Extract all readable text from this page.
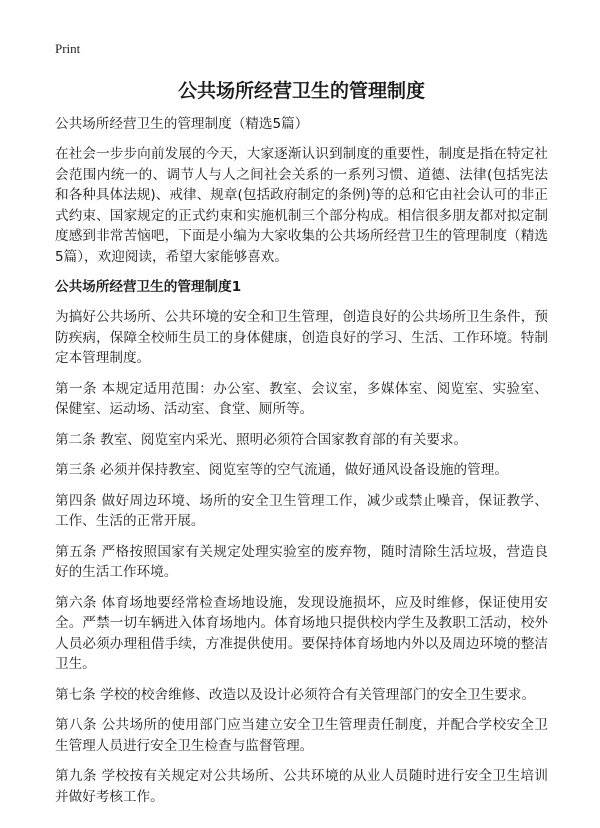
Print
公共场所经营卫生的管理制度

公共场所经营卫生的管理制度（精选5篇）

在社会一步步向前发展的今天，大家逐渐认识到制度的重要性，制度是指在特定社会范围内统一的、调节人与人之间社会关系的一系列习惯、道德、法律(包括宪法和各种具体法规)、戒律、规章(包括政府制定的条例)等的总和它由社会认可的非正式约束、国家规定的正式约束和实施机制三个部分构成。相信很多朋友都对拟定制度感到非常苦恼吧，下面是小编为大家收集的公共场所经营卫生的管理制度（精选5篇），欢迎阅读，希望大家能够喜欢。

公共场所经营卫生的管理制度1

为搞好公共场所、公共环境的安全和卫生管理，创造良好的公共场所卫生条件，预防疾病，保障全校师生员工的身体健康，创造良好的学习、生活、工作环境。特制定本管理制度。

第一条 本规定适用范围：办公室、教室、会议室，多媒体室、阅览室、实验室、保健室、运动场、活动室、食堂、厕所等。

第二条 教室、阅览室内采光、照明必须符合国家教育部的有关要求。

第三条 必须并保持教室、阅览室等的空气流通，做好通风设备设施的管理。

第四条 做好周边环境、场所的安全卫生管理工作，减少或禁止噪音，保证教学、工作、生活的正常开展。

第五条 严格按照国家有关规定处理实验室的废弃物，随时清除生活垃圾，营造良好的生活工作环境。

第六条 体育场地要经常检查场地设施，发现设施损坏，应及时维修，保证使用安全。严禁一切车辆进入体育场地内。体育场地只提供校内学生及教职工活动，校外人员必须办理租借手续，方准提供使用。要保持体育场地内外以及周边环境的整洁卫生。

第七条 学校的校舍维修、改造以及设计必须符合有关管理部门的安全卫生要求。

第八条 公共场所的使用部门应当建立安全卫生管理责任制度，并配合学校安全卫生管理人员进行安全卫生检查与监督管理。

第九条 学校按有关规定对公共场所、公共环境的从业人员随时进行安全卫生培训并做好考核工作。
